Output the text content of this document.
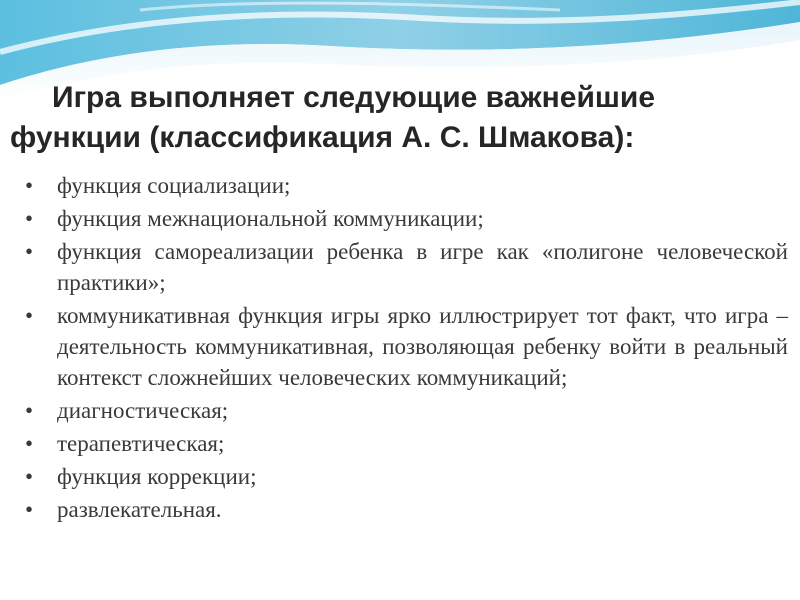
Игра выполняет следующие важнейшие
функции (классификация А. С. Шмакова):
• функция социализации;
• функция межнациональной коммуникации;
• функция самореализации ребенка в игре как «полигоне человеческой практики»;
• коммуникативная функция игры ярко иллюстрирует тот факт, что игра – деятельность коммуникативная, позволяющая ребенку войти в реальный контекст сложнейших человеческих коммуникаций;
• диагностическая;
• терапевтическая;
• функция коррекции;
• развлекательная.
